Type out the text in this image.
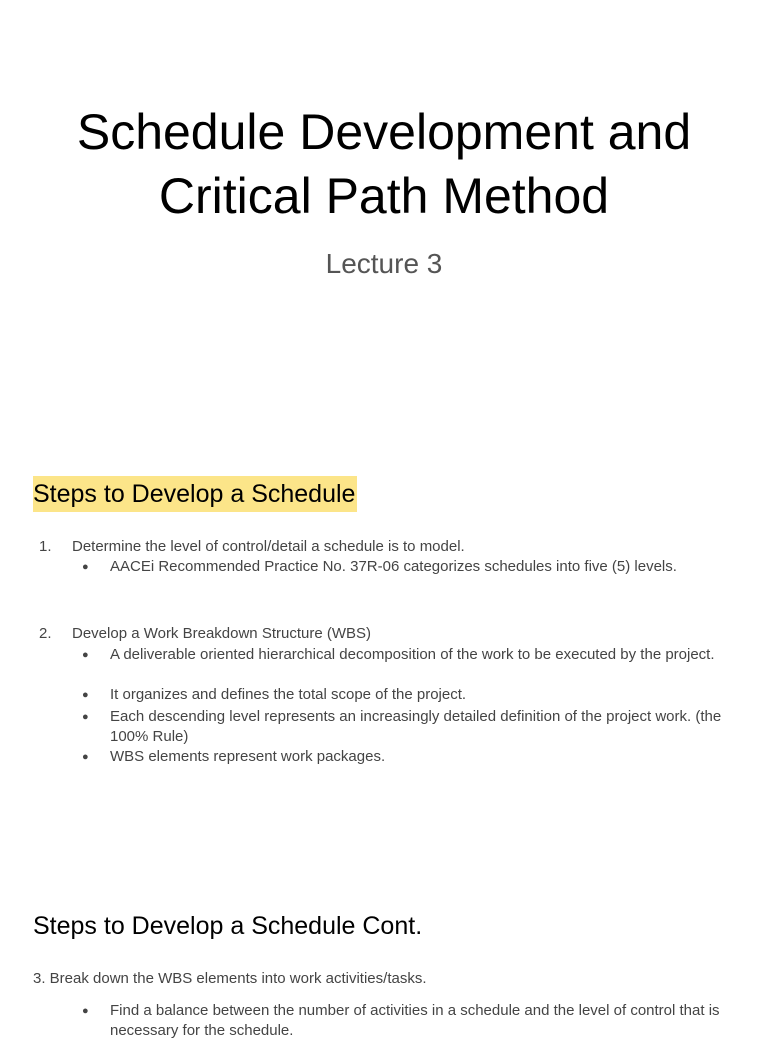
Schedule Development and
Critical Path Method
Lecture 3
Steps to Develop a Schedule
1.	Determine the level of control/detail a schedule is to model.
● AACEi Recommended Practice No. 37R-06 categorizes schedules into five (5) levels.
2.	Develop a Work Breakdown Structure (WBS)
● A deliverable oriented hierarchical decomposition of the work to be executed by the project.
● It organizes and defines the total scope of the project.
● Each descending level represents an increasingly detailed definition of the project work. (the 100% Rule)
● WBS elements represent work packages.
Steps to Develop a Schedule Cont.
3. Break down the WBS elements into work activities/tasks.
● Find a balance between the number of activities in a schedule and the level of control that is necessary for the schedule.
